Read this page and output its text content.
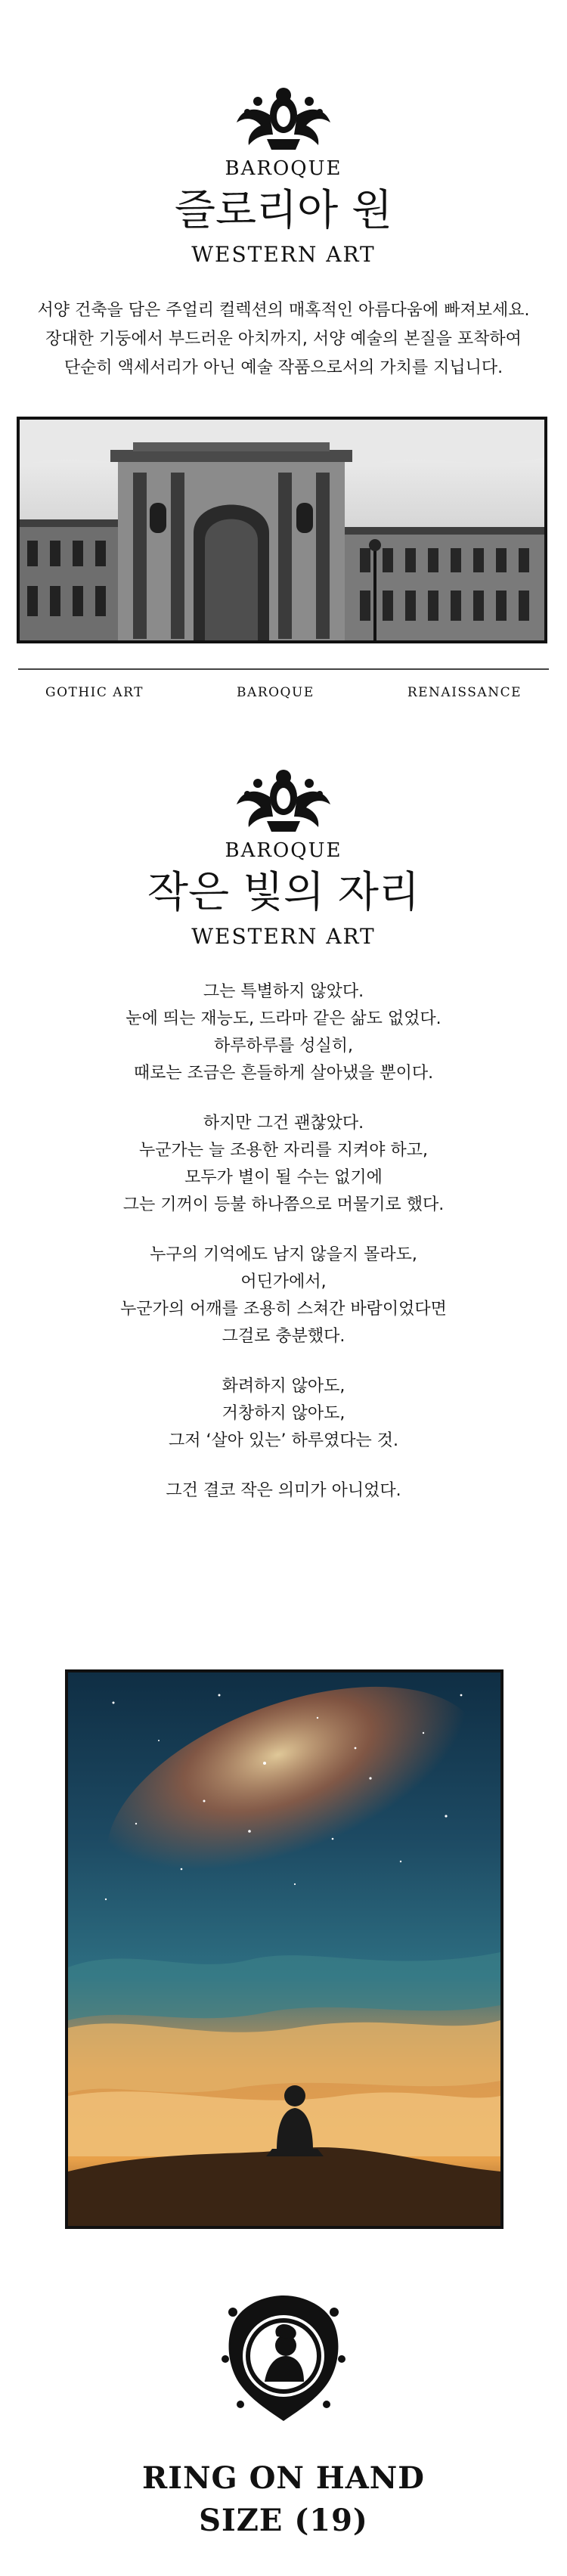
BAROQUE

즐로리아 원

WESTERN ART

서양 건축을 담은 주얼리 컬렉션의 매혹적인 아름다움에 빠져보세요.

장대한 기둥에서 부드러운 아치까지, 서양 예술의 본질을 포착하여

단순히 액세서리가 아닌 예술 작품으로서의 가치를 지닙니다.

GOTHIC ART	BAROQUE	RENAISSANCE

BAROQUE

작은 빛의 자리

WESTERN ART

그는 특별하지 않았다.
눈에 띄는 재능도, 드라마 같은 삶도 없었다.
하루하루를 성실히,
때로는 조금은 흔들하게 살아냈을 뿐이다.
하지만 그건 괜찮았다.
누군가는 늘 조용한 자리를 지켜야 하고,
모두가 별이 될 수는 없기에
그는 기꺼이 등불 하나쯤으로 머물기로 했다.
누구의 기억에도 남지 않을지 몰라도,
어딘가에서,
누군가의 어깨를 조용히 스쳐간 바람이었다면
그걸로 충분했다.
화려하지 않아도,
거창하지 않아도,
그저 ‘살아 있는’ 하루였다는 것.
그건 결코 작은 의미가 아니었다.
RING ON HAND
SIZE (19)
